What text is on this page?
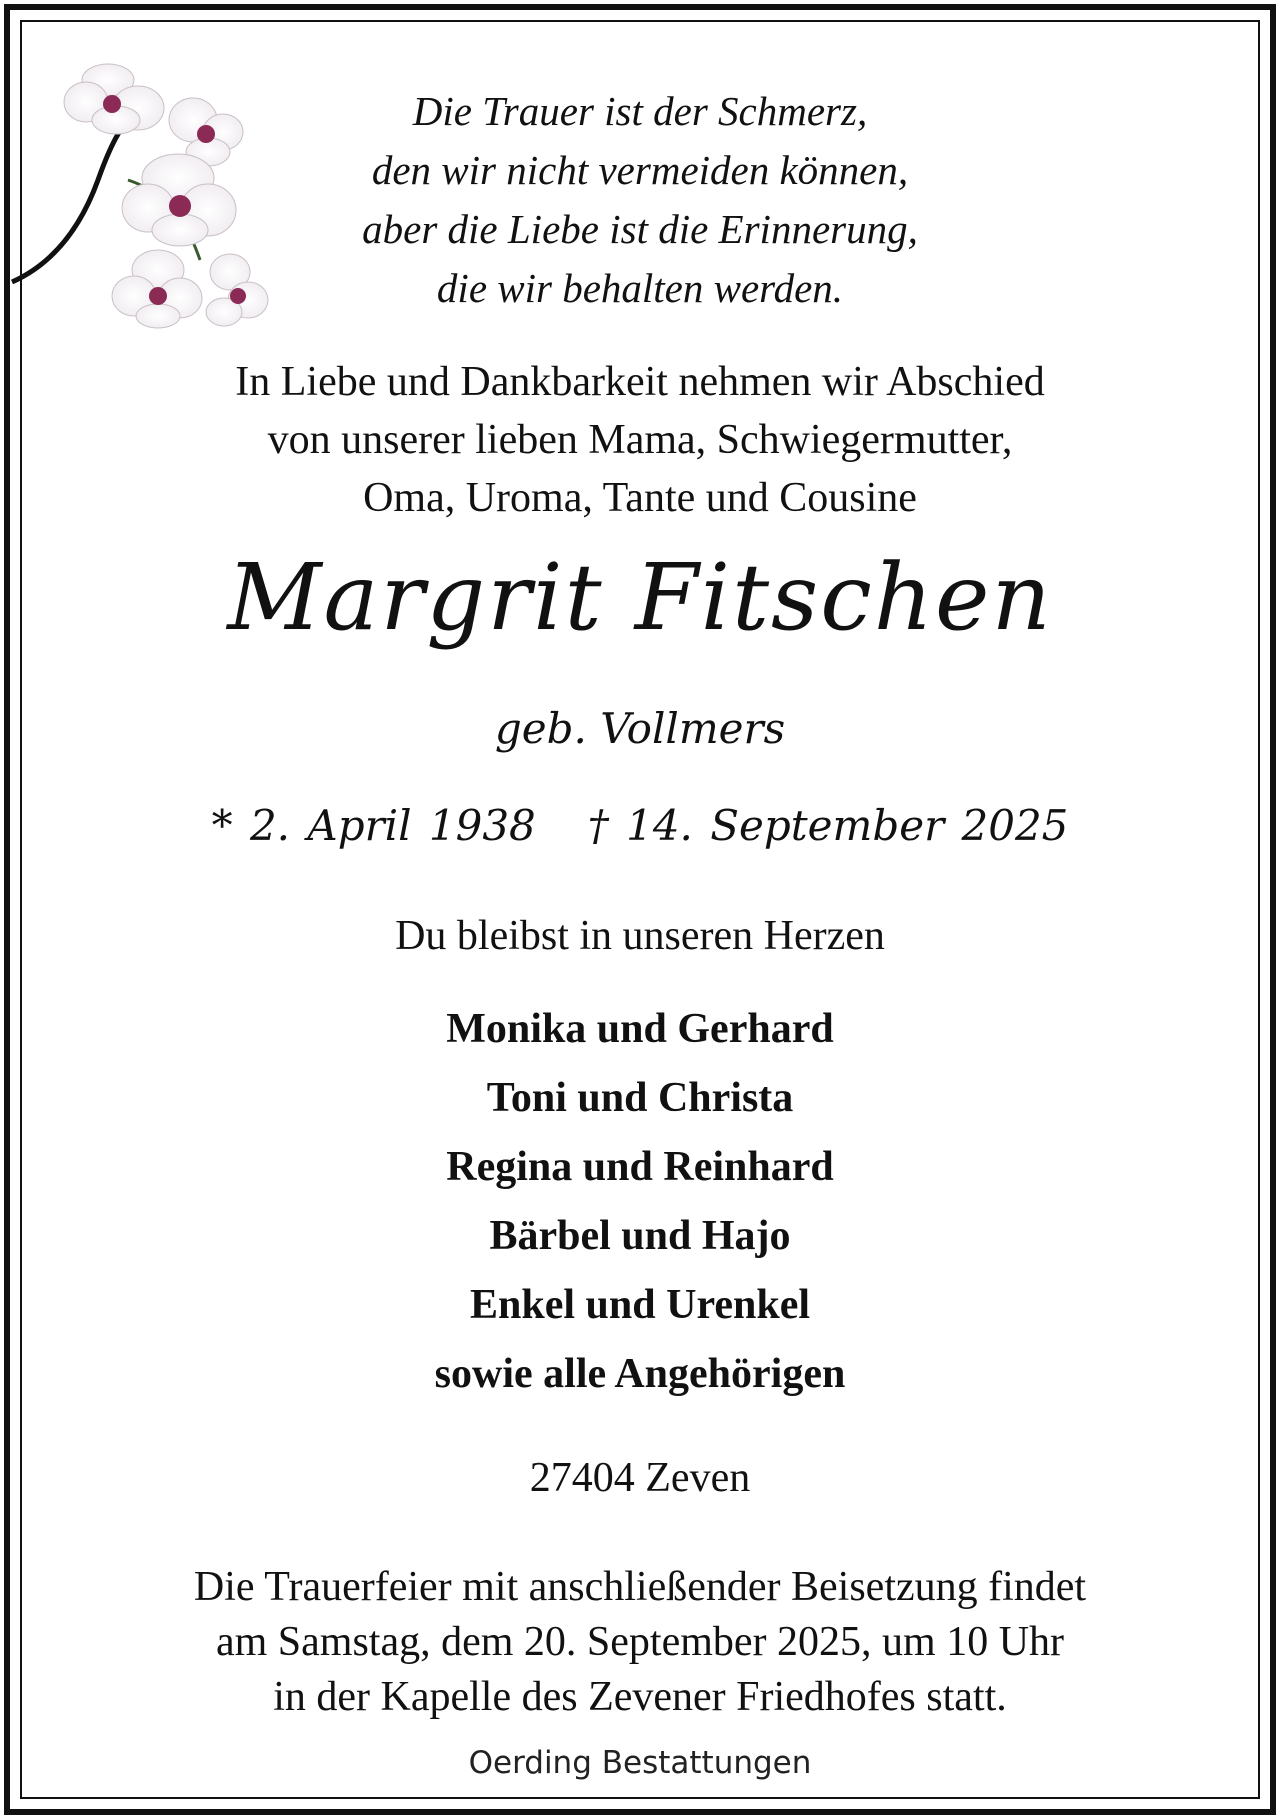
Die Trauer ist der Schmerz,
den wir nicht vermeiden können,
aber die Liebe ist die Erinnerung,
die wir behalten werden.
In Liebe und Dankbarkeit nehmen wir Abschied
von unserer lieben Mama, Schwiegermutter,
Oma, Uroma, Tante und Cousine
Margrit Fitschen
geb. Vollmers
* 2. April 1938 † 14. September 2025
Du bleibst in unseren Herzen
Monika und Gerhard
Toni und Christa
Regina und Reinhard
Bärbel und Hajo
Enkel und Urenkel
sowie alle Angehörigen
27404 Zeven
Die Trauerfeier mit anschließender Beisetzung findet
am Samstag, dem 20. September 2025, um 10 Uhr
in der Kapelle des Zevener Friedhofes statt.
Oerding Bestattungen
